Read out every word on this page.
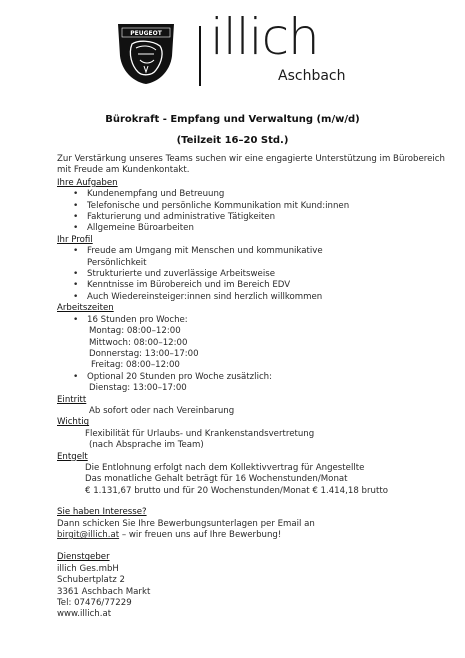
PEUGEOT illich
Aschbach
Bürokraft - Empfang und Verwaltung (m/w/d)
(Teilzeit 16–20 Std.)

Zur Verstärkung unseres Teams suchen wir eine engagierte Unterstützung im Bürobereich mit Freude am Kundenkontakt.

Ihre Aufgaben
• Kundenempfang und Betreuung
• Telefonische und persönliche Kommunikation mit Kund:innen
• Fakturierung und administrative Tätigkeiten
• Allgemeine Büroarbeiten
Ihr Profil
• Freude am Umgang mit Menschen und kommunikative
Persönlichkeit
• Strukturierte und zuverlässige Arbeitsweise
• Kenntnisse im Bürobereich und im Bereich EDV
• Auch Wiedereinsteiger:innen sind herzlich willkommen
Arbeitszeiten
• 16 Stunden pro Woche:
Montag: 08:00–12:00
Mittwoch: 08:00–12:00
Donnerstag: 13:00–17:00
Freitag: 08:00–12:00
• Optional 20 Stunden pro Woche zusätzlich:
Dienstag: 13:00–17:00
Eintritt
Ab sofort oder nach Vereinbarung
Wichtig
Flexibilität für Urlaubs- und Krankenstandsvertretung
(nach Absprache im Team)
Entgelt
Die Entlohnung erfolgt nach dem Kollektivvertrag für Angestellte
Das monatliche Gehalt beträgt für 16 Wochenstunden/Monat
€ 1.131,67 brutto und für 20 Wochenstunden/Monat € 1.414,18 brutto
Sie haben Interesse?
Dann schicken Sie Ihre Bewerbungsunterlagen per Email an
birgit@illich.at – wir freuen uns auf Ihre Bewerbung!
Dienstgeber
illich Ges.mbH
Schubertplatz 2
3361 Aschbach Markt
Tel: 07476/77229
www.illich.at
